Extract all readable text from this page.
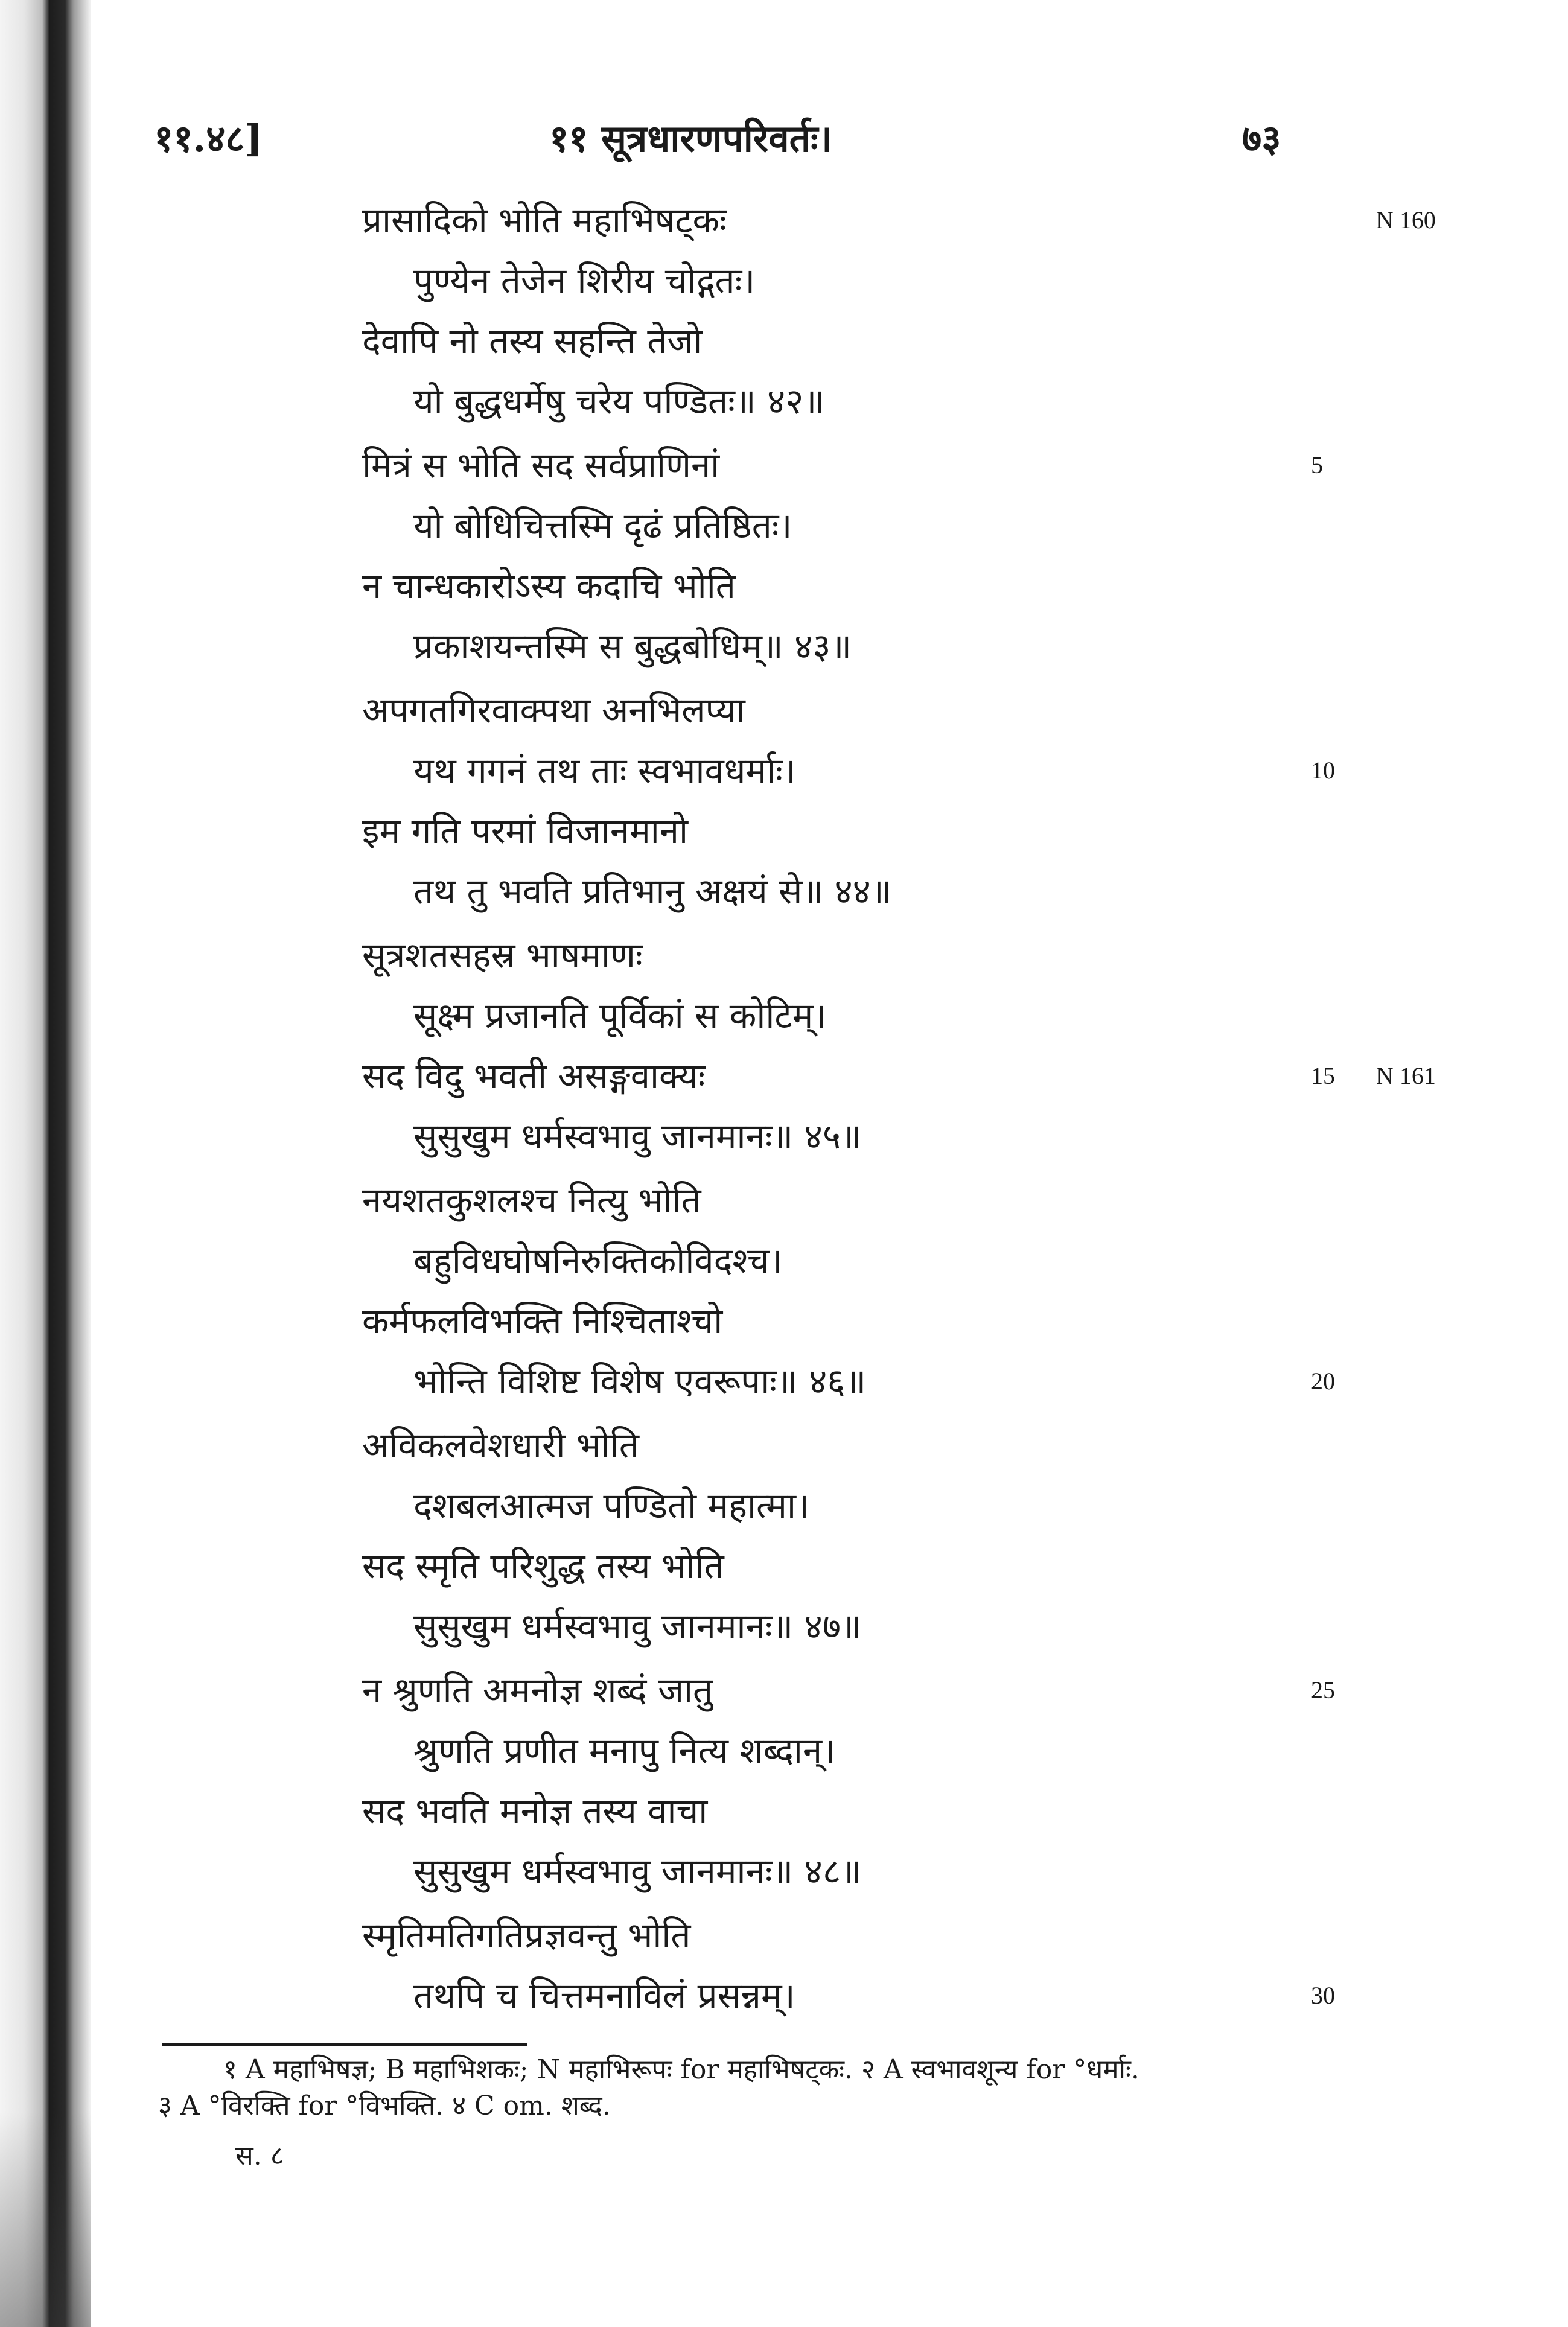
११.४८]	११ सूत्रधारणपरिवर्तः।	७३
प्रासादिको भोति महाभिषट्कः	N 160
पुण्येन तेजेन शिरीय चोद्गतः।
देवापि नो तस्य सहन्ति तेजो
यो बुद्धधर्मेषु चरेय पण्डितः॥ ४२॥
मित्रं स भोति सद सर्वप्राणिनां	5
यो बोधिचित्तस्मि दृढं प्रतिष्ठितः।
न चान्धकारोऽस्य कदाचि भोति
प्रकाशयन्तस्मि स बुद्धबोधिम्॥ ४३॥
अपगतगिरवाक्पथा अनभिलप्या
यथ गगनं तथ ताः स्वभावधर्माः।	10
इम गति परमां विजानमानो
तथ तु भवति प्रतिभानु अक्षयं से॥ ४४॥
सूत्रशतसहस्र भाषमाणः
सूक्ष्म प्रजानति पूर्विकां स कोटिम्।
सद विदु भवती असङ्गवाक्यः	15 N 161
सुसुखुम धर्मस्वभावु जानमानः॥ ४५॥
नयशतकुशलश्च नित्यु भोति
बहुविधघोषनिरुक्तिकोविदश्च।
कर्मफलविभक्ति निश्चिताश्चो
भोन्ति विशिष्ट विशेष एवरूपाः॥ ४६॥	20
अविकलवेशधारी भोति
दशबलआत्मज पण्डितो महात्मा।
सद स्मृति परिशुद्ध तस्य भोति
सुसुखुम धर्मस्वभावु जानमानः॥ ४७॥
न श्रुणति अमनोज्ञ शब्दं जातु	25
श्रुणति प्रणीत मनापु नित्य शब्दान्।
सद भवति मनोज्ञ तस्य वाचा
सुसुखुम धर्मस्वभावु जानमानः॥ ४८॥
स्मृतिमतिगतिप्रज्ञवन्तु भोति
तथपि च चित्तमनाविलं प्रसन्नम्।	30
१ A महाभिषज्ञ; B महाभिशकः; N महाभिरूपः for महाभिषट्कः. २ A स्वभावशून्य for °धर्माः.
३ A °विरक्ति for °विभक्ति. ४ C om. शब्द.
स. ८
